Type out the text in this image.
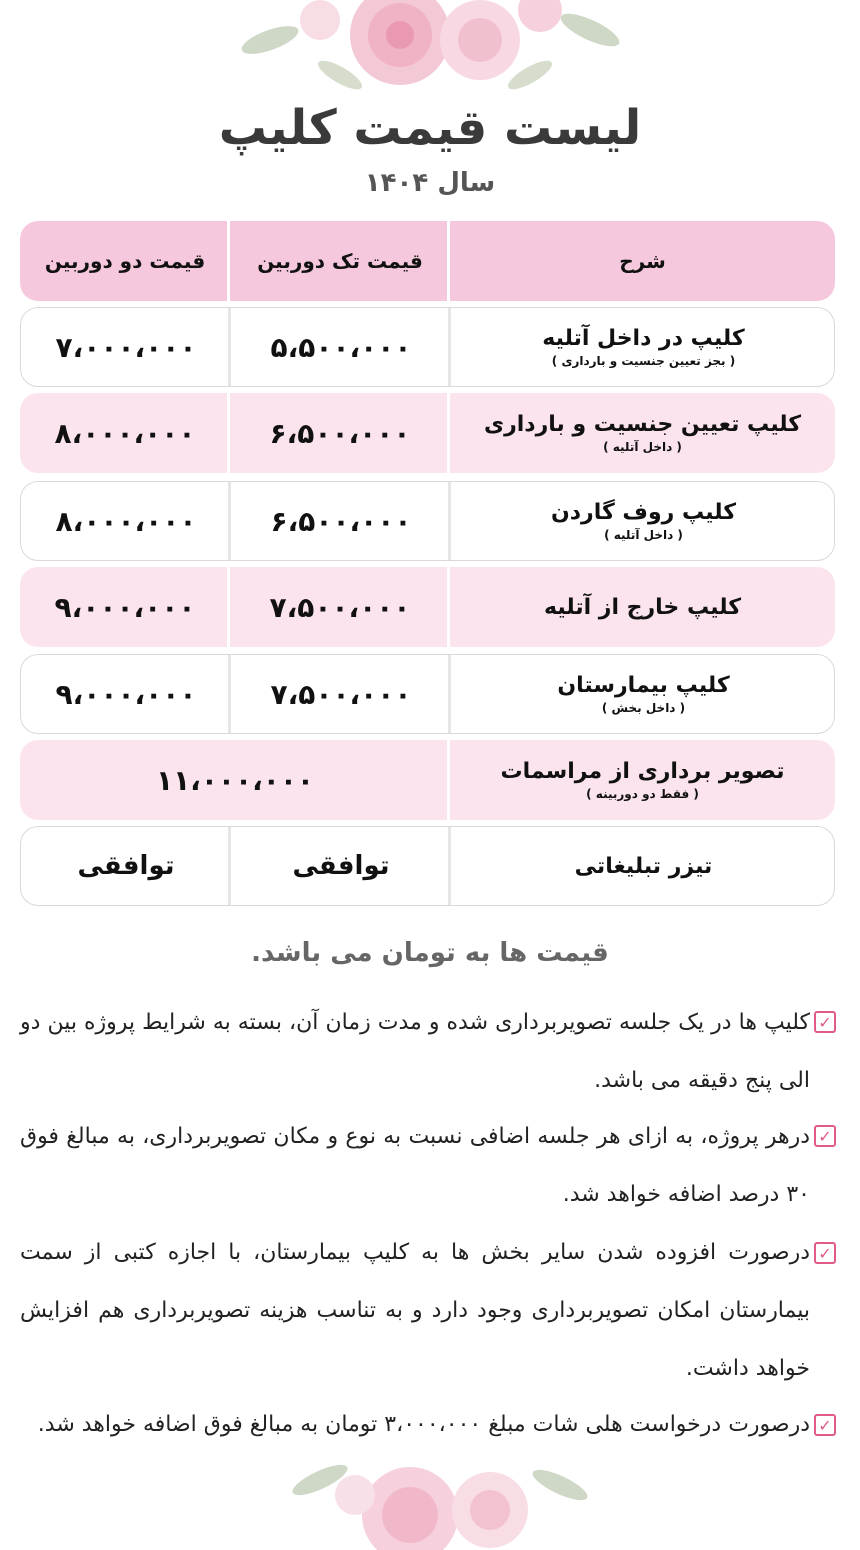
لیست قیمت کلیپ
سال ۱۴۰۴
شرح
قیمت تک دوربین
قیمت دو دوربین
کلیپ در داخل آتلیه
( بجز تعیین جنسیت و بارداری )
۵،۵۰۰،۰۰۰
۷،۰۰۰،۰۰۰
کلیپ تعیین جنسیت و بارداری
( داخل آتلیه )
۶،۵۰۰،۰۰۰
۸،۰۰۰،۰۰۰
کلیپ روف گاردن
( داخل آتلیه )
۶،۵۰۰،۰۰۰
۸،۰۰۰،۰۰۰
کلیپ خارج از آتلیه
۷،۵۰۰،۰۰۰
۹،۰۰۰،۰۰۰
کلیپ بیمارستان
( داخل بخش )
۷،۵۰۰،۰۰۰
۹،۰۰۰،۰۰۰
تصویر برداری از مراسمات
( فقط دو دوربینه )
۱۱،۰۰۰،۰۰۰
تیزر تبلیغاتی
توافقی
توافقی
قیمت ها به تومان می باشد.
✓
کلیپ ها در یک جلسه تصویربرداری شده و مدت زمان آن، بسته به شرایط پروژه بین دو الی پنج دقیقه می باشد.
✓
درهر پروژه، به ازای هر جلسه اضافی نسبت به نوع و مکان تصویربرداری، به مبالغ فوق ۳۰ درصد اضافه خواهد شد.
✓
درصورت افزوده شدن سایر بخش ها به کلیپ بیمارستان، با اجازه کتبی از سمت بیمارستان امکان تصویربرداری وجود دارد و به تناسب هزینه تصویربرداری هم افزایش خواهد داشت.
✓
درصورت درخواست هلی شات مبلغ ۳،۰۰۰،۰۰۰ تومان به مبالغ فوق اضافه خواهد شد.
